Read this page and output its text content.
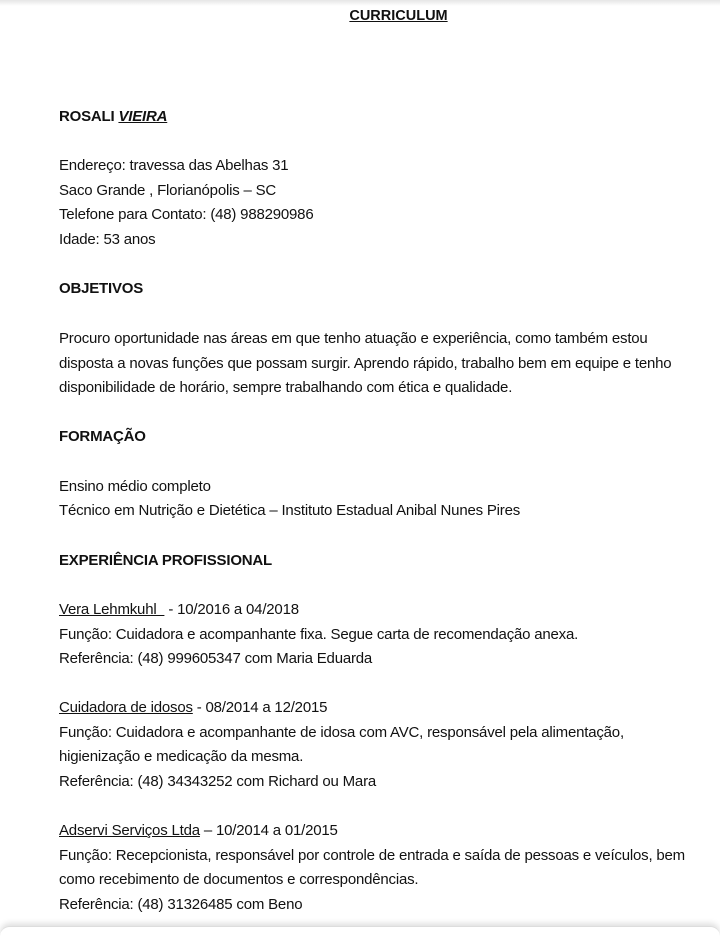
CURRICULUM
ROSALI VIEIRA
Endereço: travessa das Abelhas 31
Saco Grande , Florianópolis – SC
Telefone para Contato: (48) 988290986
Idade: 53 anos
OBJETIVOS
Procuro oportunidade nas áreas em que tenho atuação e experiência, como também estou
disposta a novas funções que possam surgir. Aprendo rápido, trabalho bem em equipe e tenho
disponibilidade de horário, sempre trabalhando com ética e qualidade.
FORMAÇÃO
Ensino médio completo
Técnico em Nutrição e Dietética – Instituto Estadual Anibal Nunes Pires
EXPERIÊNCIA PROFISSIONAL
Vera Lehmkuhl   - 10/2016 a 04/2018
Função: Cuidadora e acompanhante fixa. Segue carta de recomendação anexa.
Referência: (48) 999605347 com Maria Eduarda
Cuidadora de idosos - 08/2014 a 12/2015
Função: Cuidadora e acompanhante de idosa com AVC, responsável pela alimentação,
higienização e medicação da mesma.
Referência: (48) 34343252 com Richard ou Mara
Adservi Serviços Ltda – 10/2014 a 01/2015
Função: Recepcionista, responsável por controle de entrada e saída de pessoas e veículos, bem
como recebimento de documentos e correspondências.
Referência: (48) 31326485 com Beno
